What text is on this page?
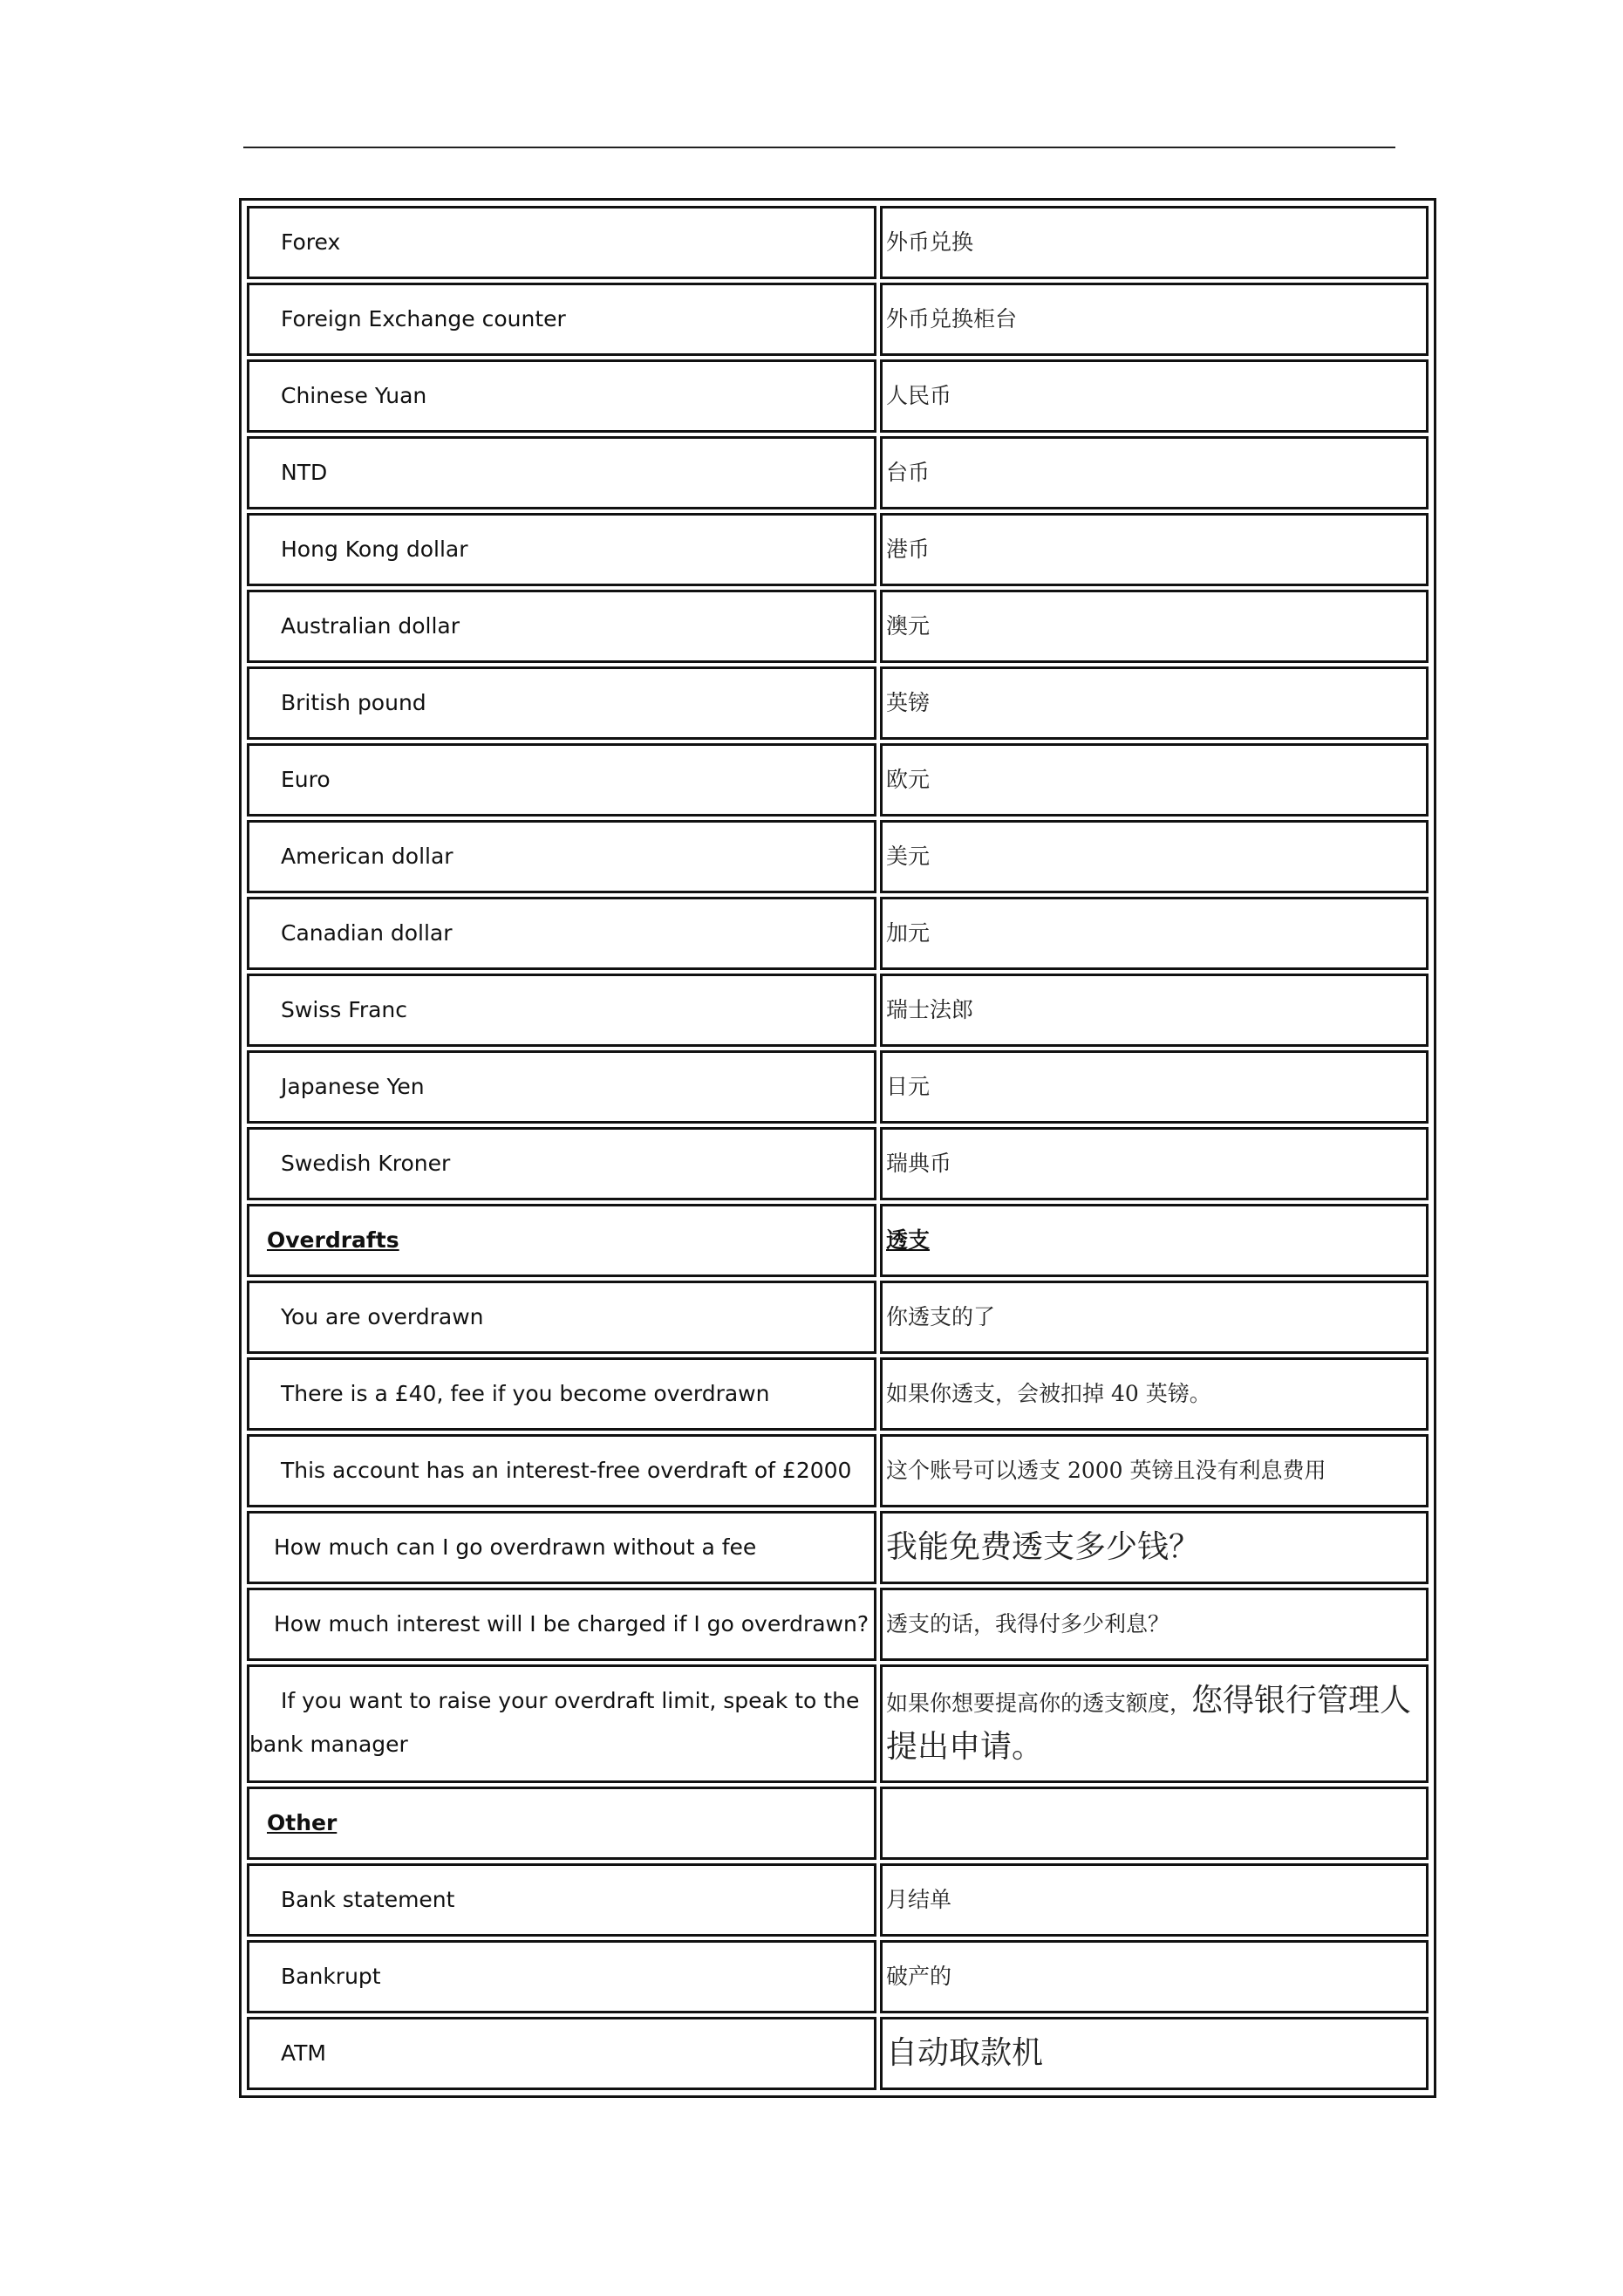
Forex	外币兑换
Foreign Exchange counter	外币兑换柜台
Chinese Yuan	人民币
NTD	台币
Hong Kong dollar	港币
Australian dollar	澳元
British pound	英镑
Euro	欧元
American dollar	美元
Canadian dollar	加元
Swiss Franc	瑞士法郎
Japanese Yen	日元
Swedish Kroner	瑞典币
Overdrafts	透支
You are overdrawn	你透支的了
There is a £40, fee if you become overdrawn	如果你透支，会被扣掉 40 英镑。
This account has an interest-free overdraft of £2000	这个账号可以透支 2000 英镑且没有利息费用
How much can I go overdrawn without a fee	我能免费透支多少钱？
How much interest will I be charged if I go overdrawn?	透支的话，我得付多少利息？
If you want to raise your overdraft limit, speak to the bank manager	如果你想要提高你的透支额度，您得银行管理人提出申请。
Other	
Bank statement	月结单
Bankrupt	破产的
ATM	自动取款机
